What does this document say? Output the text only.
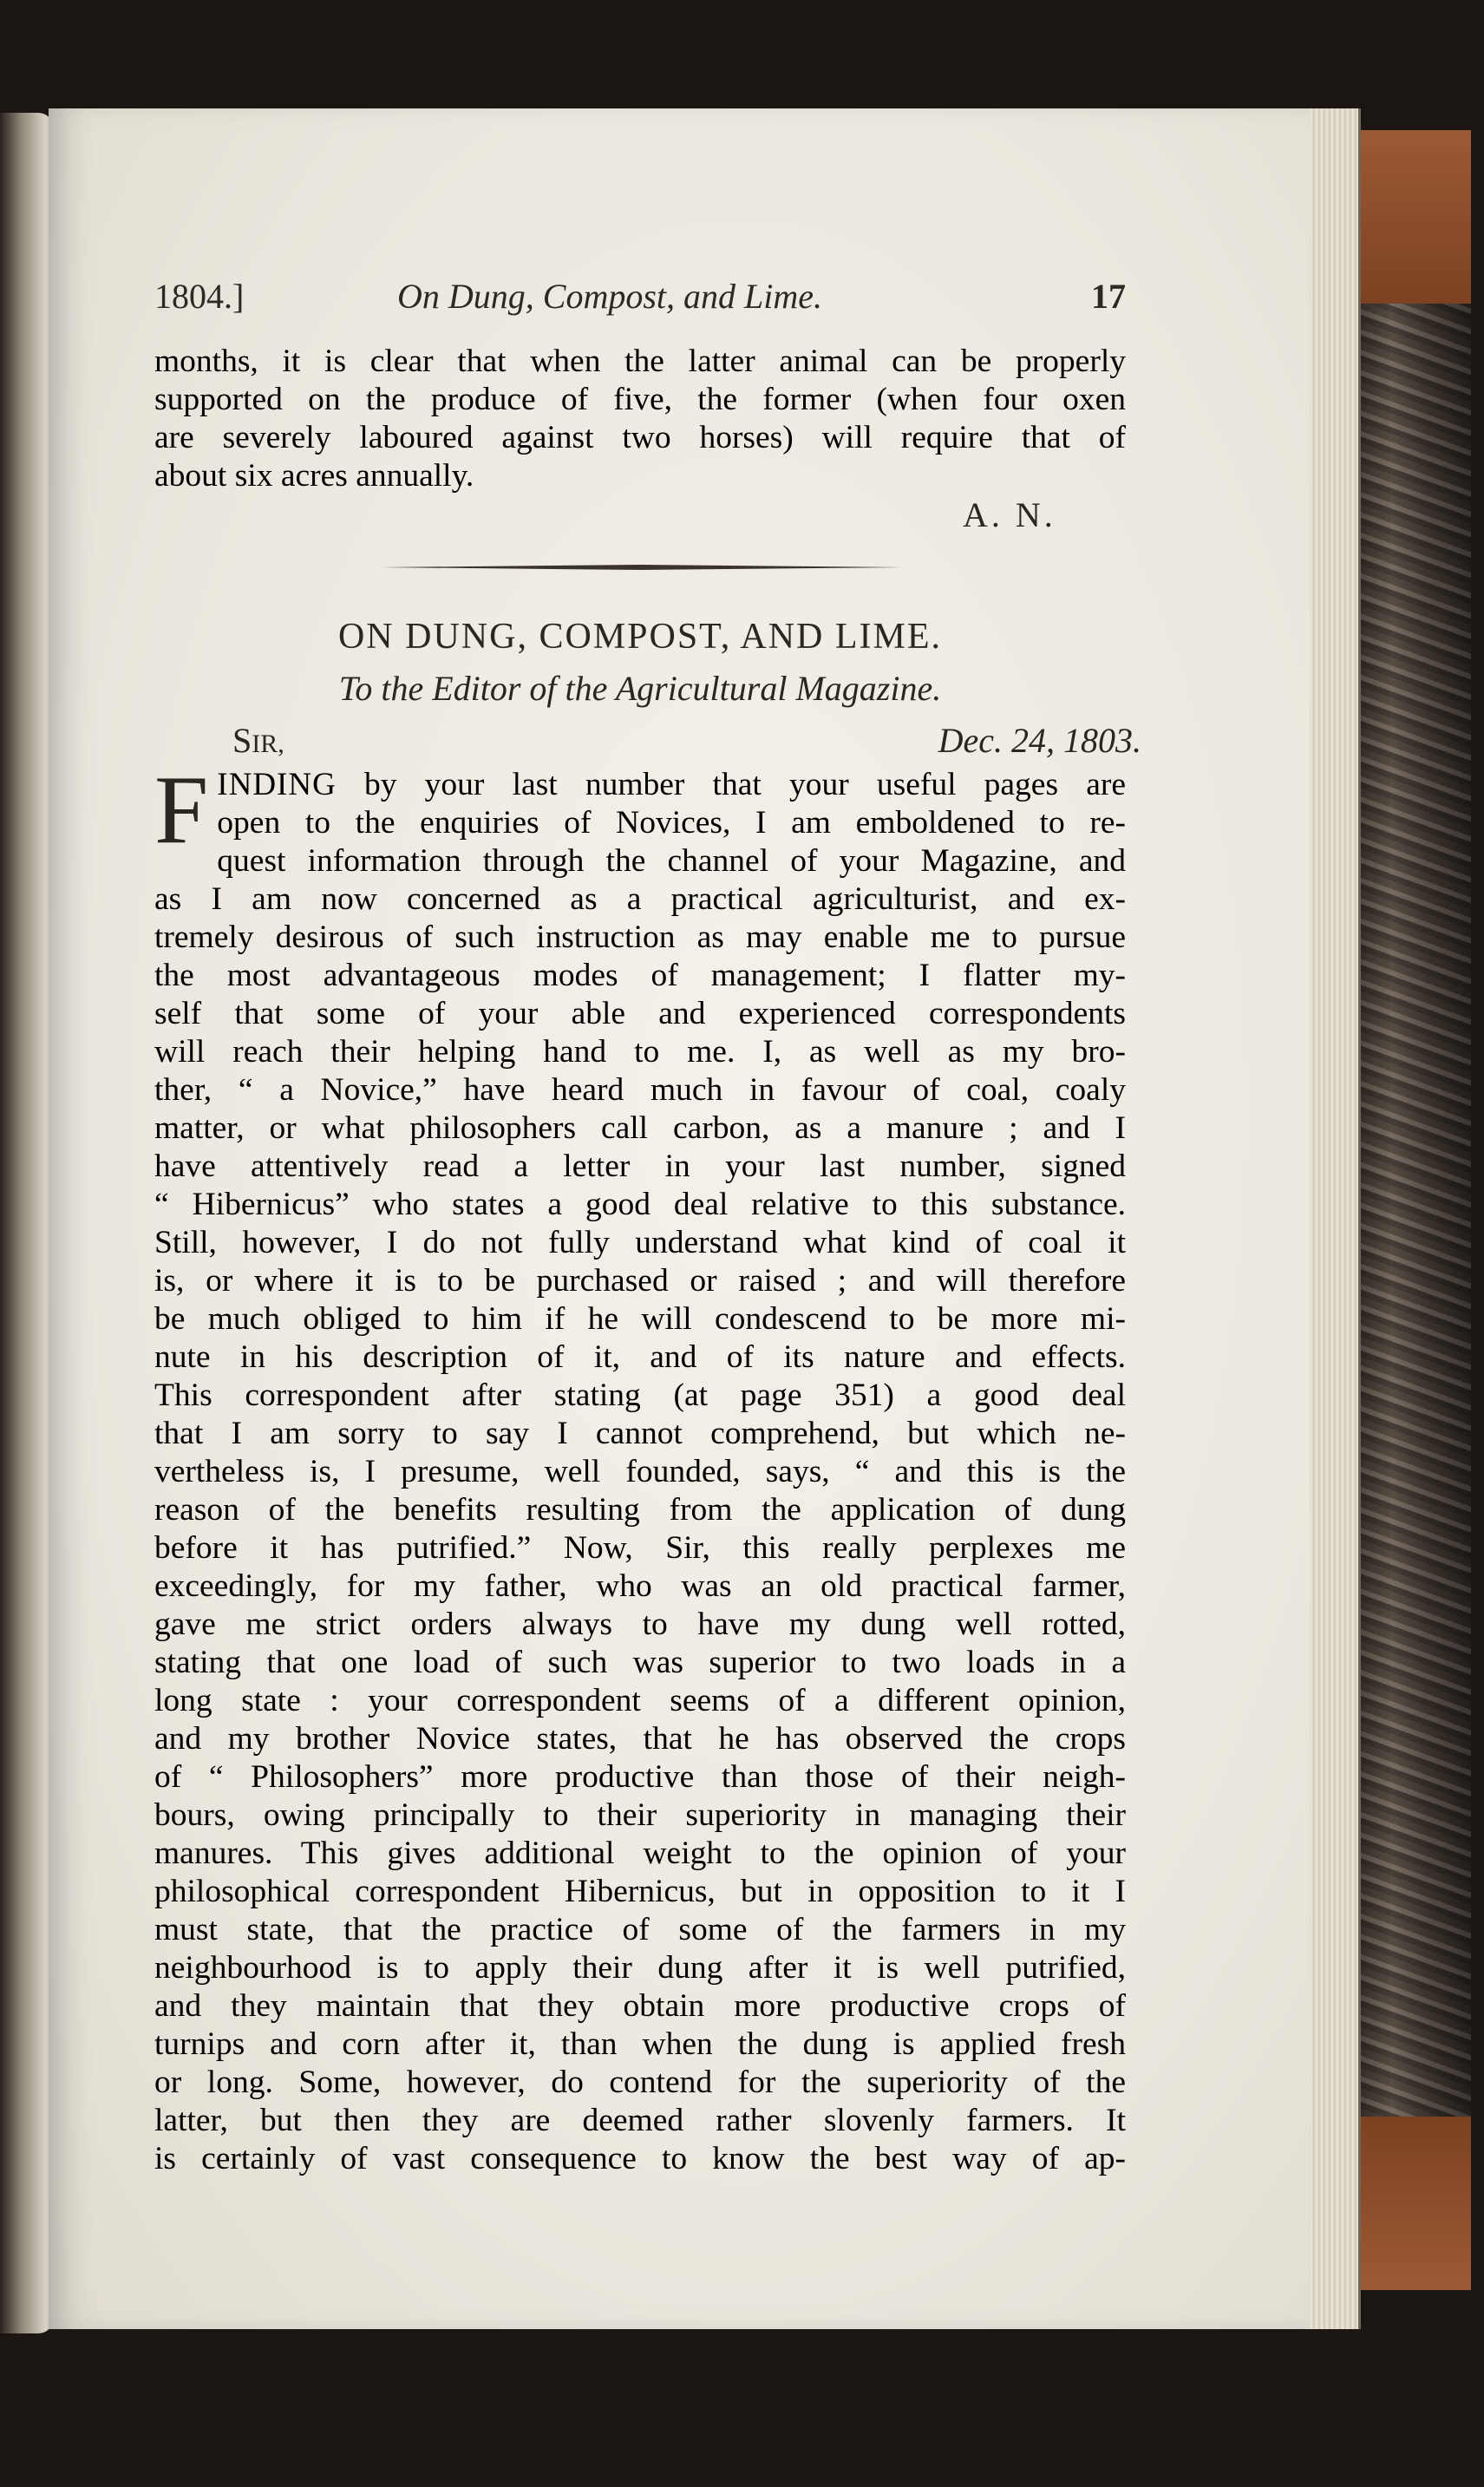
1804.]	On Dung, Compost, and Lime.	17
months, it is clear that when the latter animal can be properly
supported on the produce of five, the former (when four oxen
are severely laboured against two horses) will require that of
about six acres annually.
A. N.
ON DUNG, COMPOST, AND LIME.
To the Editor of the Agricultural Magazine.
SIR,	Dec. 24, 1803.
F INDING by your last number that your useful pages are
open to the enquiries of Novices, I am emboldened to re-
quest information through the channel of your Magazine, and
as I am now concerned as a practical agriculturist, and ex-
tremely desirous of such instruction as may enable me to pursue
the most advantageous modes of management; I flatter my-
self that some of your able and experienced correspondents
will reach their helping hand to me. I, as well as my bro-
ther, “ a Novice,” have heard much in favour of coal, coaly
matter, or what philosophers call carbon, as a manure ; and I
have attentively read a letter in your last number, signed
“ Hibernicus” who states a good deal relative to this substance.
Still, however, I do not fully understand what kind of coal it
is, or where it is to be purchased or raised ; and will therefore
be much obliged to him if he will condescend to be more mi-
nute in his description of it, and of its nature and effects.
This correspondent after stating (at page 351) a good deal
that I am sorry to say I cannot comprehend, but which ne-
vertheless is, I presume, well founded, says, “ and this is the
reason of the benefits resulting from the application of dung
before it has putrified.” Now, Sir, this really perplexes me
exceedingly, for my father, who was an old practical farmer,
gave me strict orders always to have my dung well rotted,
stating that one load of such was superior to two loads in a
long state : your correspondent seems of a different opinion,
and my brother Novice states, that he has observed the crops
of “ Philosophers” more productive than those of their neigh-
bours, owing principally to their superiority in managing their
manures. This gives additional weight to the opinion of your
philosophical correspondent Hibernicus, but in opposition to it I
must state, that the practice of some of the farmers in my
neighbourhood is to apply their dung after it is well putrified,
and they maintain that they obtain more productive crops of
turnips and corn after it, than when the dung is applied fresh
or long. Some, however, do contend for the superiority of the
latter, but then they are deemed rather slovenly farmers. It
is certainly of vast consequence to know the best way of ap-
